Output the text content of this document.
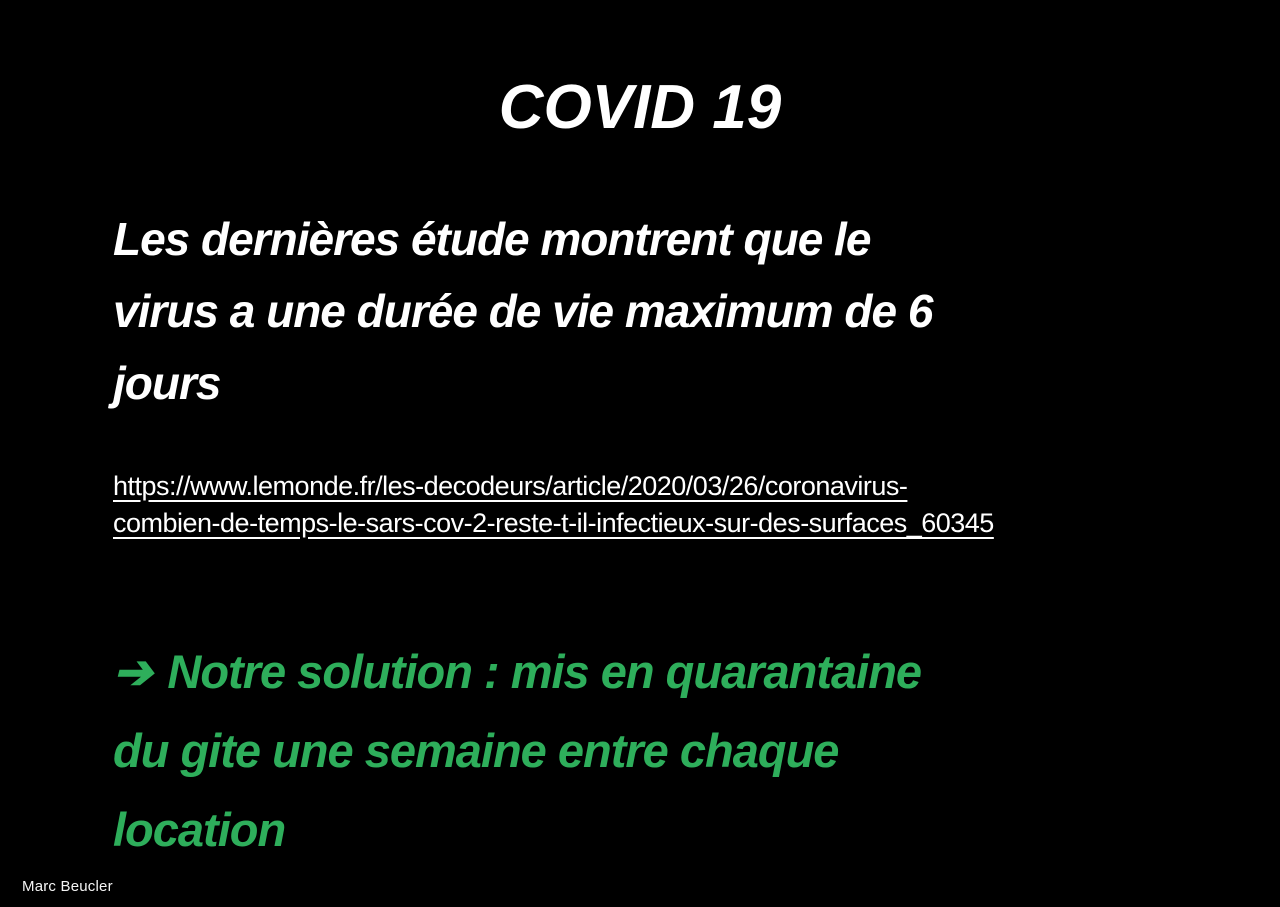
COVID 19
Les dernières étude montrent que le
virus a une durée de vie maximum de 6
jours
https://www.lemonde.fr/les-decodeurs/article/2020/03/26/coronavirus- combien-de-temps-le-sars-cov-2-reste-t-il-infectieux-sur-des-surfaces_60345
➔ Notre solution : mis en quarantaine
du gite une semaine entre chaque
location
Marc Beucler
